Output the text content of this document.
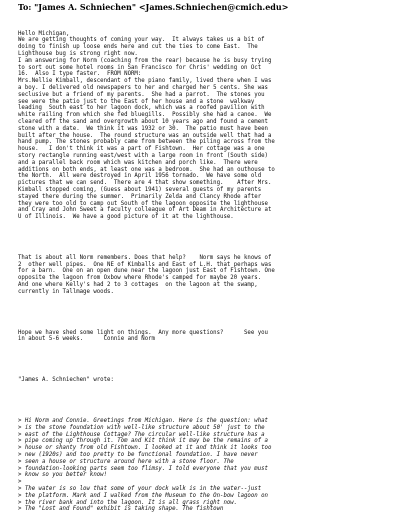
To: "James A. Schniechen" <James.Schniechen@cmich.edu>

Hello Michigan,
We are getting thoughts of coming your way.  It always takes us a bit of
doing to finish up loose ends here and cut the ties to come East.  The
Lighthouse bug is strong right now.
I am answering for Norm (coaching from the rear) because he is busy trying
to sort out some hotel rooms in San Francisco for Chris' wedding on Oct
16.  Also I type faster.  FROM NORM:
Mrs.Nellie Kimball, descendant of the piano family, lived there when I was
a boy. I delivered old newspapers to her and charged her 5 cents. She was
seclusive but a friend of my parents.  She had a parrot.  The stones you
see were the patio just to the East of her house and a stone  walkway
leading  South east to her lagoon dock, which was a roofed pavilion with
white railing from which she fed bluegills.  Possibly she had a canoe.  We
cleared off the sand and overgrowth about 10 years ago and found a cement
stone with a date.  We think it was 1932 or 30.  The patio must have been
built after the house.  The round structure was an outside well that had a
hand pump. The stones probably came from between the piling across from the
house.   I don't think it was a part of Fishtown.  Her cottage was a one
story rectangle running east/west with a large room in front (South side)
and a parallel back room which was kitchen and porch like.  There were
additions on both ends, at least one was a bedroom.  She had an outhouse to
the North.  All were destroyed in April 1956 tornado.  We have some old
pictures that we can send.  There are 4 that show something.    After Mrs.
Kimball stopped coming, (Guess about 1941) several guests of my parents
stayed there during the summer.  Primarily Zelda and Clancy Rhode after
they were too old to camp out South of the lagoon opposite the lighthouse
and Cray and John Sweet a faculty colleague of Art Deam in Architecture at
U of Illinois.  We have a good picture of it at the lighthouse.

That is about all Norm remembers. Does that help?    Norm says he knows of
2  other well pipes.  One NE of Kimballs and East of L.H. that perhaps was
for a barn.  One on an open dune near the lagoon just East of Fishtown. One
opposite the lagoon from Oxbow where Rhode's camped for maybe 20 years.
And one where Kelly's had 2 to 3 cottages  on the lagoon at the swamp,
currently in Tallmage woods.

Hope we have shed some light on things.  Any more questions?      See you
in about 5-6 weeks.      Connie and Norm

"James A. Schniechen" wrote:

> Hi Norm and Connie. Greetings from Michigan. Here is the question: what
> is the stone foundation with well-like structure about 50' just to the
> east of the Lighthouse Cottage? The circular well-like structure has a
> pipe coming up through it. Tom and Kit think it may be the remains of a
> house or shanty from old Fishtown. I looked at it and think it looks too
> new (1920s) and too pretty to be functional foundation. I have never
> seen a house or structure around here with a stone floor. The
> foundation-looking parts seem too flimsy. I told everyone that you must
> know so you better know!
>
> The water is so low that some of your dock walk is in the water--just
> the platform. Mark and I walked from the Museum to the On-bow lagoon on
> the river bank and into the lagoon. It is all grass right now.
> The "Lost and Found" exhibit is taking shape. The fishtown
